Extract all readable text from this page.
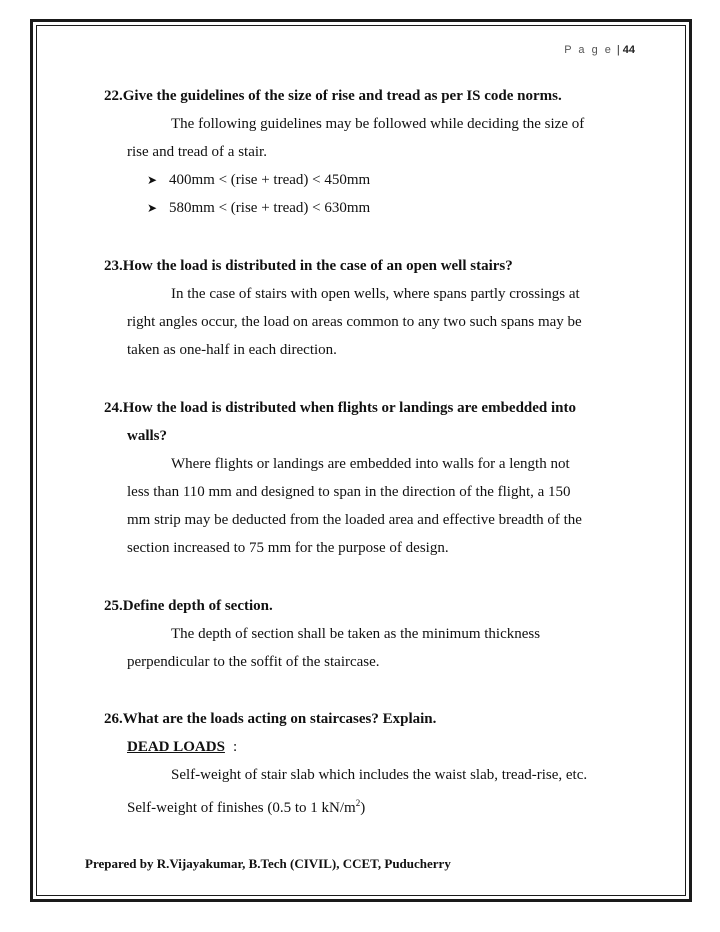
P a g e | 44
22.Give the guidelines of the size of rise and tread as per IS code norms.
The following guidelines may be followed while deciding the size of
rise and tread of a stair.
➤ 400mm < (rise + tread) < 450mm
➤ 580mm < (rise + tread) < 630mm
23.How the load is distributed in the case of an open well stairs?
In the case of stairs with open wells, where spans partly crossings at
right angles occur, the load on areas common to any two such spans may be
taken as one-half in each direction.
24.How the load is distributed when flights or landings are embedded into
walls?
Where flights or landings are embedded into walls for a length not
less than 110 mm and designed to span in the direction of the flight, a 150
mm strip may be deducted from the loaded area and effective breadth of the
section increased to 75 mm for the purpose of design.
25.Define depth of section.
The depth of section shall be taken as the minimum thickness
perpendicular to the soffit of the staircase.
26.What are the loads acting on staircases? Explain.
DEAD LOADS :
Self-weight of stair slab which includes the waist slab, tread-rise, etc.
Self-weight of finishes (0.5 to 1 $kN/m^2$)
Prepared by R.Vijayakumar, B.Tech (CIVIL), CCET, Puducherry
